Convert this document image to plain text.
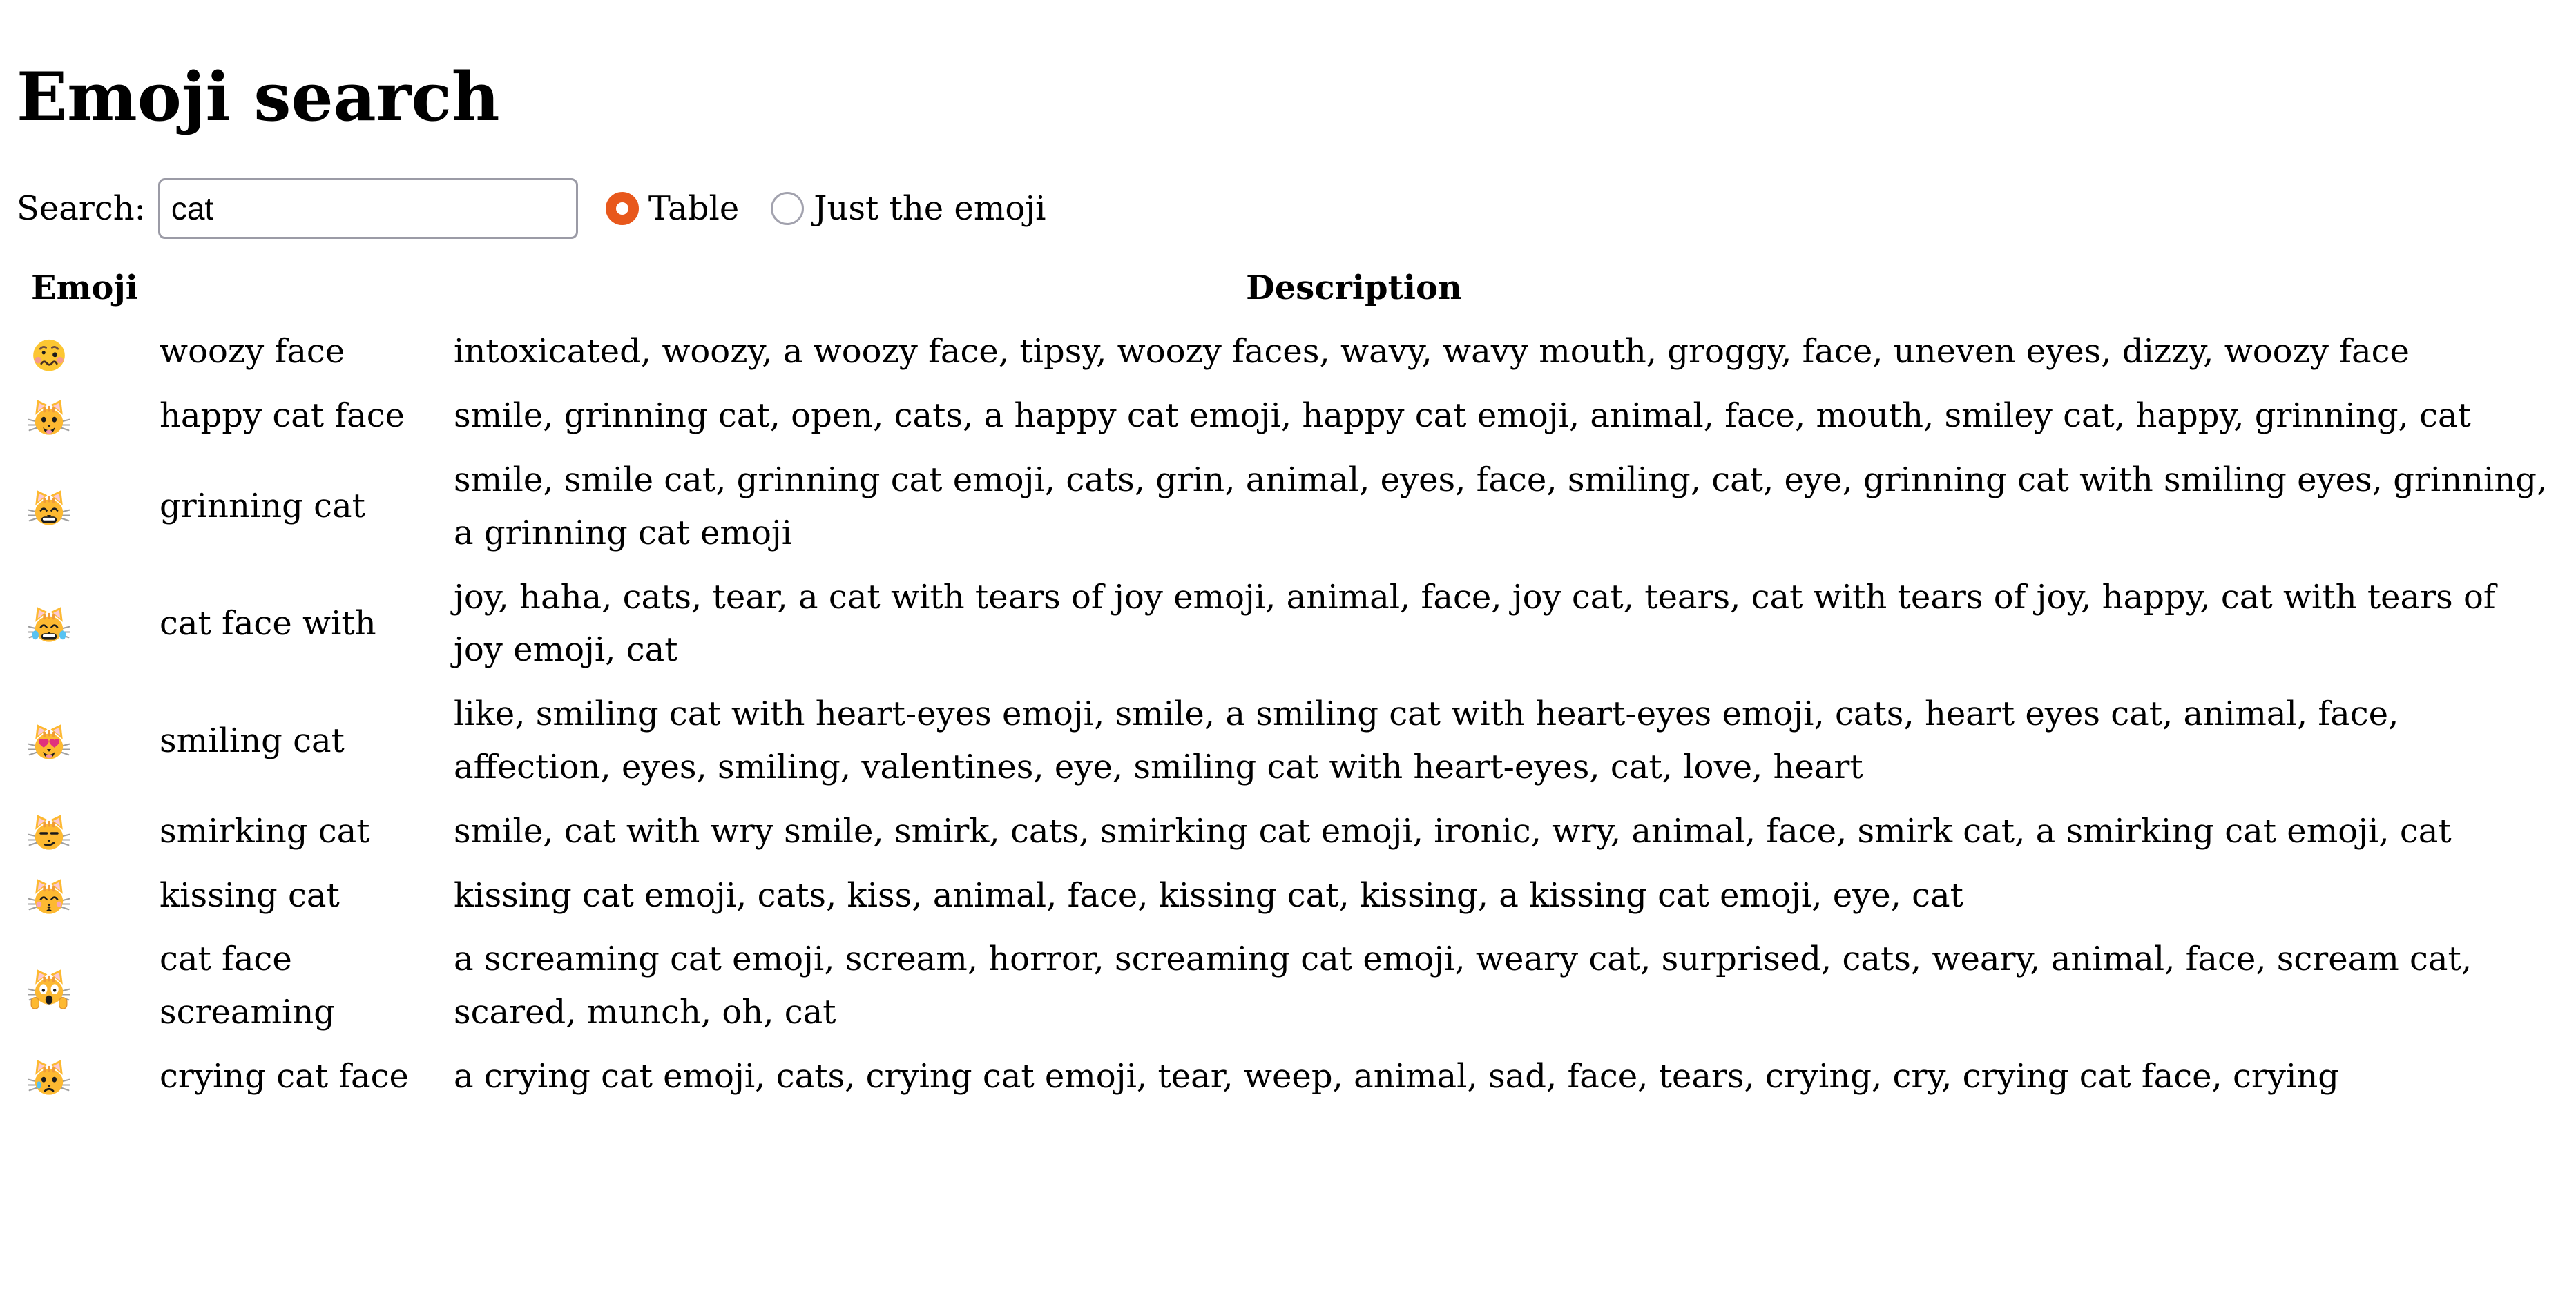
Emoji search
Search:
cat	Table Just the emoji
Emoji	Description	

	woozy face	intoxicated, woozy, a woozy face, tipsy, woozy faces, wavy, wavy mouth, groggy, face, uneven eyes, dizzy, woozy face

	happy cat face	smile, grinning cat, open, cats, a happy cat emoji, happy cat emoji, animal, face, mouth, smiley cat, happy, grinning, cat

	grinning cat	smile, smile cat, grinning cat emoji, cats, grin, animal, eyes, face, smiling, cat, eye, grinning cat with smiling eyes, grinning, a grinning cat emoji

	cat face with	joy, haha, cats, tear, a cat with tears of joy emoji, animal, face, joy cat, tears, cat with tears of joy, happy, cat with tears of joy emoji, cat

	smiling cat	like, smiling cat with heart-eyes emoji, smile, a smiling cat with heart-eyes emoji, cats, heart eyes cat, animal, face, affection, eyes, smiling, valentines, eye, smiling cat with heart-eyes, cat, love, heart

	smirking cat	smile, cat with wry smile, smirk, cats, smirking cat emoji, ironic, wry, animal, face, smirk cat, a smirking cat emoji, cat

	kissing cat	kissing cat emoji, cats, kiss, animal, face, kissing cat, kissing, a kissing cat emoji, eye, cat

	cat face screaming	a screaming cat emoji, scream, horror, screaming cat emoji, weary cat, surprised, cats, weary, animal, face, scream cat, scared, munch, oh, cat

	crying cat face	a crying cat emoji, cats, crying cat emoji, tear, weep, animal, sad, face, tears, crying, cry, crying cat face, crying
